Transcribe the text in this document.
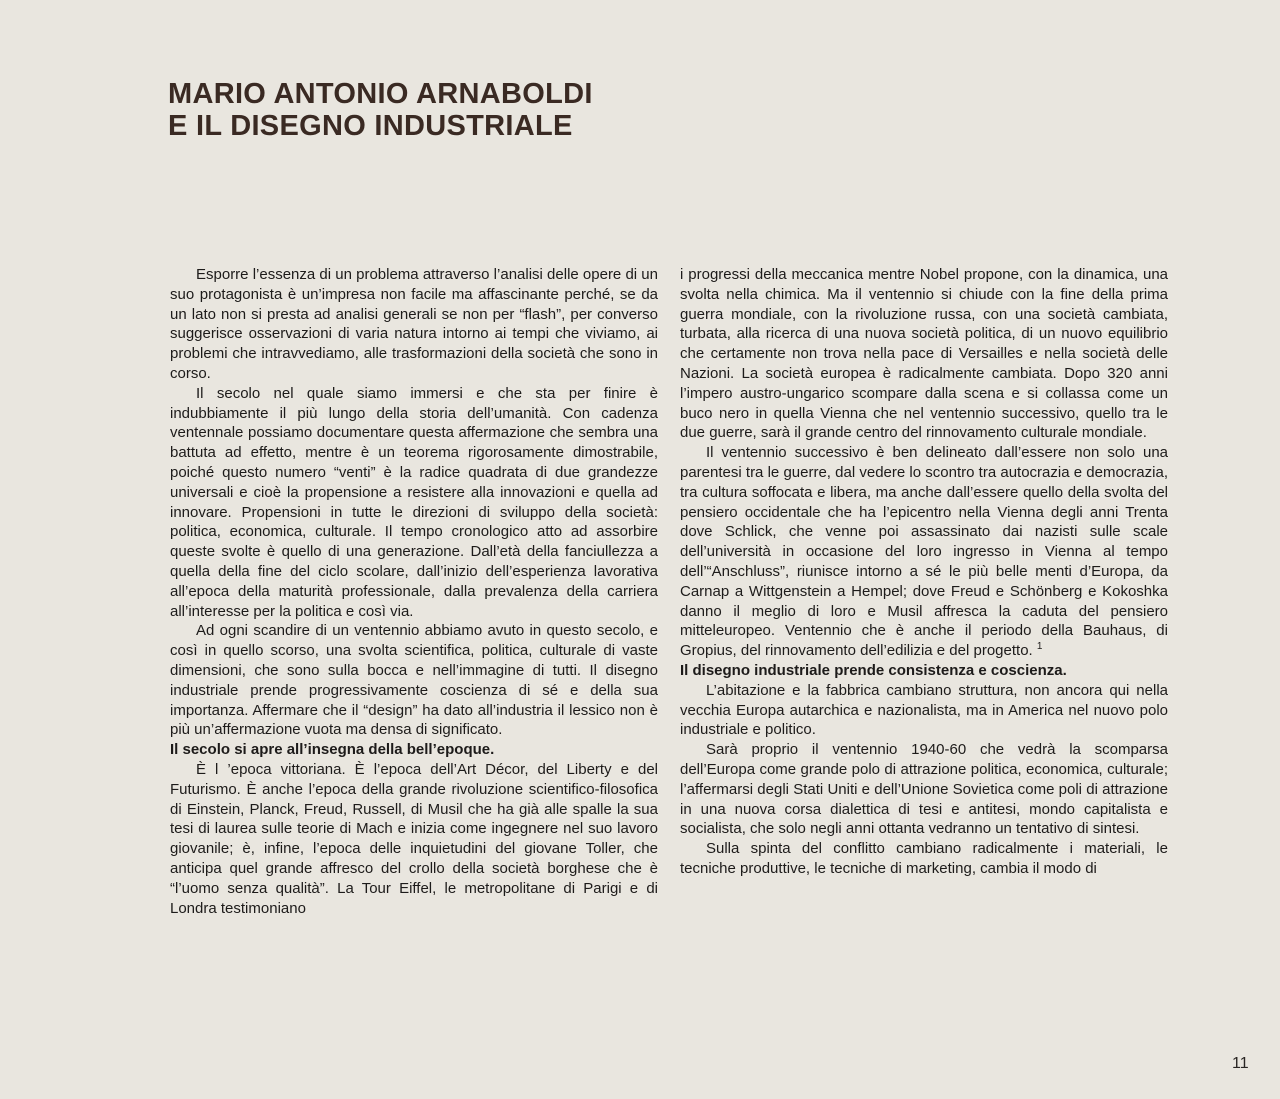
MARIO ANTONIO ARNABOLDI
E IL DISEGNO INDUSTRIALE

Esporre l’essenza di un problema attraverso l’analisi delle opere di un suo protagonista è un’impresa non facile ma affascinante perché, se da un lato non si presta ad analisi generali se non per “flash”, per converso suggerisce osservazioni di varia natura intorno ai tempi che viviamo, ai problemi che intravvediamo, alle trasformazioni della società che sono in corso.

Il secolo nel quale siamo immersi e che sta per finire è indubbiamente il più lungo della storia dell’umanità. Con cadenza ventennale possiamo documentare questa affermazione che sembra una battuta ad effetto, mentre è un teorema rigorosamente dimostrabile, poiché questo numero “venti” è la radice quadrata di due grandezze universali e cioè la propensione a resistere alla innovazioni e quella ad innovare. Propensioni in tutte le direzioni di sviluppo della società: politica, economica, culturale. Il tempo cronologico atto ad assorbire queste svolte è quello di una generazione. Dall’età della fanciullezza a quella della fine del ciclo scolare, dall’inizio dell’esperienza lavorativa all’epoca della maturità professionale, dalla prevalenza della carriera all’interesse per la politica e così via.

Ad ogni scandire di un ventennio abbiamo avuto in questo secolo, e così in quello scorso, una svolta scientifica, politica, culturale di vaste dimensioni, che sono sulla bocca e nell’immagine di tutti. Il disegno industriale prende progressivamente coscienza di sé e della sua importanza. Affermare che il “design” ha dato all’industria il lessico non è più un’affermazione vuota ma densa di significato.

Il secolo si apre all’insegna della bell’epoque.

È l ’epoca vittoriana. È l’epoca dell’Art Décor, del Liberty e del Futurismo. È anche l’epoca della grande rivoluzione scientifico-filosofica di Einstein, Planck, Freud, Russell, di Musil che ha già alle spalle la sua tesi di laurea sulle teorie di Mach e inizia come ingegnere nel suo lavoro giovanile; è, infine, l’epoca delle inquietudini del giovane Toller, che anticipa quel grande affresco del crollo della società borghese che è “l’uomo senza qualità”. La Tour Eiffel, le metropolitane di Parigi e di Londra testimoniano

i progressi della meccanica mentre Nobel propone, con la dinamica, una svolta nella chimica. Ma il ventennio si chiude con la fine della prima guerra mondiale, con la rivoluzione russa, con una società cambiata, turbata, alla ricerca di una nuova società politica, di un nuovo equilibrio che certamente non trova nella pace di Versailles e nella società delle Nazioni. La società europea è radicalmente cambiata. Dopo 320 anni l’impero austro-ungarico scompare dalla scena e si collassa come un buco nero in quella Vienna che nel ventennio successivo, quello tra le due guerre, sarà il grande centro del rinnovamento culturale mondiale.

Il ventennio successivo è ben delineato dall’essere non solo una parentesi tra le guerre, dal vedere lo scontro tra autocrazia e democrazia, tra cultura soffocata e libera, ma anche dall’essere quello della svolta del pensiero occidentale che ha l’epicentro nella Vienna degli anni Trenta dove Schlick, che venne poi assassinato dai nazisti sulle scale dell’università in occasione del loro ingresso in Vienna al tempo dell’“Anschluss”, riunisce intorno a sé le più belle menti d’Europa, da Carnap a Wittgenstein a Hempel; dove Freud e Schönberg e Kokoshka danno il meglio di loro e Musil affresca la caduta del pensiero mitteleuropeo. Ventennio che è anche il periodo della Bauhaus, di Gropius, del rinnovamento dell’edilizia e del progetto. $^1$

Il disegno industriale prende consistenza e coscienza.

L’abitazione e la fabbrica cambiano struttura, non ancora qui nella vecchia Europa autarchica e nazionalista, ma in America nel nuovo polo industriale e politico.

Sarà proprio il ventennio 1940-60 che vedrà la scomparsa dell’Europa come grande polo di attrazione politica, economica, culturale; l’affermarsi degli Stati Uniti e dell’Unione Sovietica come poli di attrazione in una nuova corsa dialettica di tesi e antitesi, mondo capitalista e socialista, che solo negli anni ottanta vedranno un tentativo di sintesi.

Sulla spinta del conflitto cambiano radicalmente i materiali, le tecniche produttive, le tecniche di marketing, cambia il modo di

11
